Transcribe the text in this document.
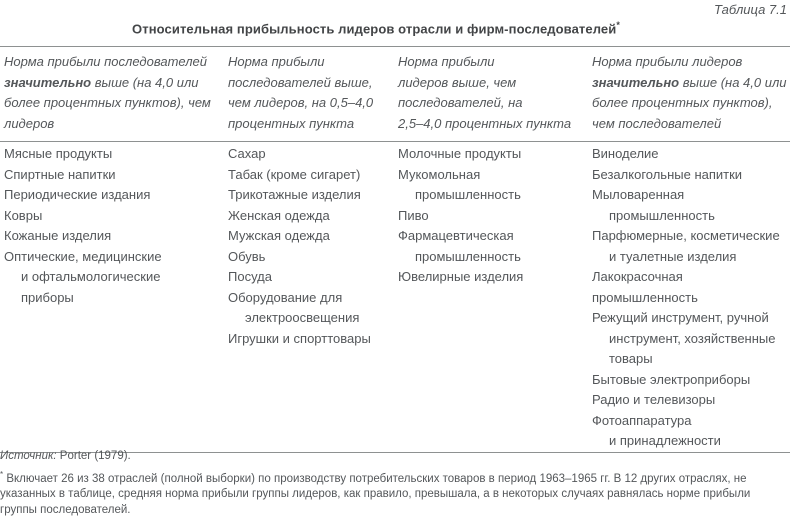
Таблица 7.1
Относительная прибыльность лидеров отрасли и фирм-последователей*
Норма прибыли последователей
значительно выше (на 4,0 или
более процентных пунктов), чем
лидеров
Норма прибыли
последователей выше,
чем лидеров, на 0,5–4,0
процентных пункта
Норма прибыли
лидеров выше, чем
последователей, на
2,5–4,0 процентных пункта
Норма прибыли лидеров
значительно выше (на 4,0 или
более процентных пунктов),
чем последователей
Мясные продукты
Спиртные напитки
Периодические издания
Ковры
Кожаные изделия
Оптические, медицинские
и офтальмологические
приборы
Сахар
Табак (кроме сигарет)
Трикотажные изделия
Женская одежда
Мужская одежда
Обувь
Посуда
Оборудование для
электроосвещения
Игрушки и спорттовары
Молочные продукты
Мукомольная
промышленность
Пиво
Фармацевтическая
промышленность
Ювелирные изделия
Виноделие
Безалкогольные напитки
Мыловаренная
промышленность
Парфюмерные, косметические
и туалетные изделия
Лакокрасочная
промышленность
Режущий инструмент, ручной
инструмент, хозяйственные
товары
Бытовые электроприборы
Радио и телевизоры
Фотоаппаратура
и принадлежности
Источник: Porter (1979).
* Включает 26 из 38 отраслей (полной выборки) по производству потребительских товаров в период 1963–1965 гг. В 12 других отраслях, не
указанных в таблице, средняя норма прибыли группы лидеров, как правило, превышала, а в некоторых случаях равнялась норме прибыли
группы последователей.
